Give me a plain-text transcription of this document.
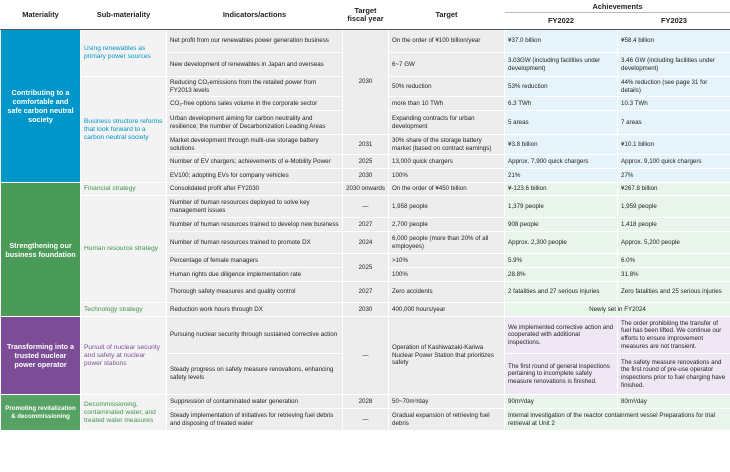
Materiality	Sub-materiality	Indicators/actions	Target fiscal year	Target	Achievements	
					FY2022	FY2023
Contributing to a comfortable and safe carbon neutral society	Using renewables as primary power sources	Net profit from our renewables power generation business	2030	On the order of ¥100 billion/year	¥37.0 billion	¥58.4 billion
		New development of renewables in Japan and overseas		6~7 GW	3.03GW (including facilities under development)	3.46 GW (including facilities under development)
	Business structure reforms that look forward to a carbon neutral society	Reducing CO₂emissions from the retailed power from FY2013 levels		50% reduction	53% reduction	44% reduction (see page 31 for details)
		CO₂-free options sales volume in the corporate sector		more than 10 TWh	6.3 TWh	10.3 TWh
		Urban development aiming for carbon neutrality and resilience; the number of Decarbonization Leading Areas		Expanding contracts for urban development	5 areas	7 areas
		Market development through multi-use storage battery solutions	2031	30% share of the storage battery market (based on contract earnings)	¥3.8 billion	¥10.1 billion
		Number of EV chargers; achievements of e-Mobility Power	2025	13,000 quick chargers	Approx. 7,900 quick chargers	Approx. 9,100 quick chargers
		EV100; adopting EVs for company vehicles	2030	100%	21%	27%
Strengthening our business foundation	Financial strategy	Consolidated profit after FY2030	2030 onwards	On the order of ¥450 billion	¥-123.6 billion	¥267.8 billion
	Human resource strategy	Number of human resources deployed to solve key management issues	—	1,958 people	1,379 people	1,959 people
		Number of human resources trained to develop new business	2027	2,700 people	908 people	1,418 people
		Number of human resources trained to promote DX	2024	6,000 people (more than 20% of all employees)	Approx. 2,300 people	Approx. 5,200 people
		Percentage of female managers	2025	>10%	5.9%	6.0%
		Human rights due diligence implementation rate		100%	28.8%	31.8%
		Thorough safety measures and quality control	2027	Zero accidents	2 fatalities and 27 serious injuries	Zero fatalities and 25 serious injuries
	Technology strategy	Reduction work hours through DX	2030	400,000 hours/year	Newly set in FY2024	
Transforming into a trusted nuclear power operator	Pursuit of nuclear security and safety at nuclear power stations	Pursuing nuclear security through sustained corrective action	—	Operation of Kashiwazaki-Kariwa Nuclear Power Station that prioritizes safety	We implemented corrective action and cooperated with additional inspections.	The order prohibiting the transfer of fuel has been lifted. We continue our efforts to ensure improvement measures are not transient.
		Steady progress on safety measure renovations, enhancing safety levels			The first round of general inspections pertaining to incomplete safety measure renovations is finished.	The safety measure renovations and the first round of pre-use operator inspections prior to fuel charging have finished.
Promoting revitalization & decommissioning	Decommissioning, contaminated water, and treated water measures	Suppression of contaminated water generation	2028	50~70m³/day	90m³/day	80m³/day
		Steady implementation of initiatives for retrieving fuel debris and disposing of treated water	—	Gradual expansion of retrieving fuel debris	Internal investigation of the reactor containment vessel Preparations for trial retrieval at Unit 2	
